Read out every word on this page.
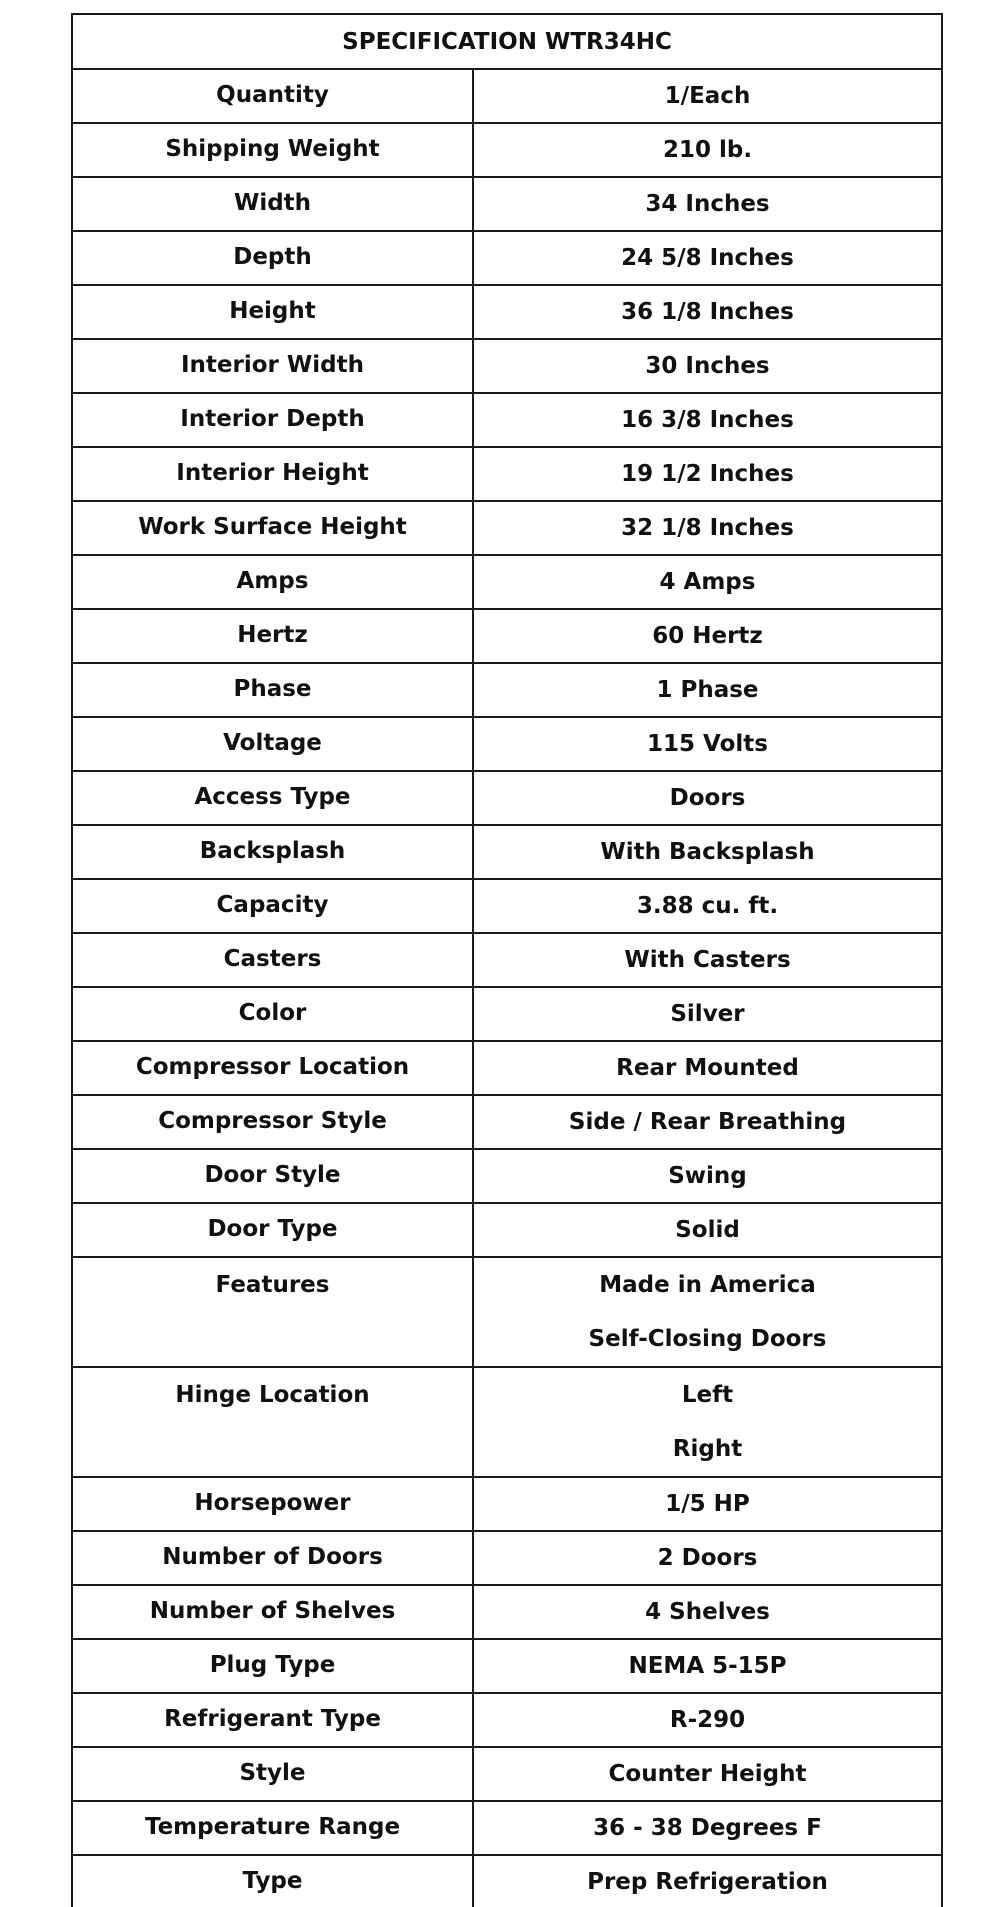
SPECIFICATION WTR34HC	
Quantity	1/Each
Shipping Weight	210 lb.
Width	34 Inches
Depth	24 5/8 Inches
Height	36 1/8 Inches
Interior Width	30 Inches
Interior Depth	16 3/8 Inches
Interior Height	19 1/2 Inches
Work Surface Height	32 1/8 Inches
Amps	4 Amps
Hertz	60 Hertz
Phase	1 Phase
Voltage	115 Volts
Access Type	Doors
Backsplash	With Backsplash
Capacity	3.88 cu. ft.
Casters	With Casters
Color	Silver
Compressor Location	Rear Mounted
Compressor Style	Side / Rear Breathing
Door Style	Swing
Door Type	Solid
Features	Made in America
Self-Closing Doors

Hinge Location	Left
Right

Horsepower	1/5 HP
Number of Doors	2 Doors
Number of Shelves	4 Shelves
Plug Type	NEMA 5-15P
Refrigerant Type	R-290
Style	Counter Height
Temperature Range	36 - 38 Degrees F
Type	Prep Refrigeration
